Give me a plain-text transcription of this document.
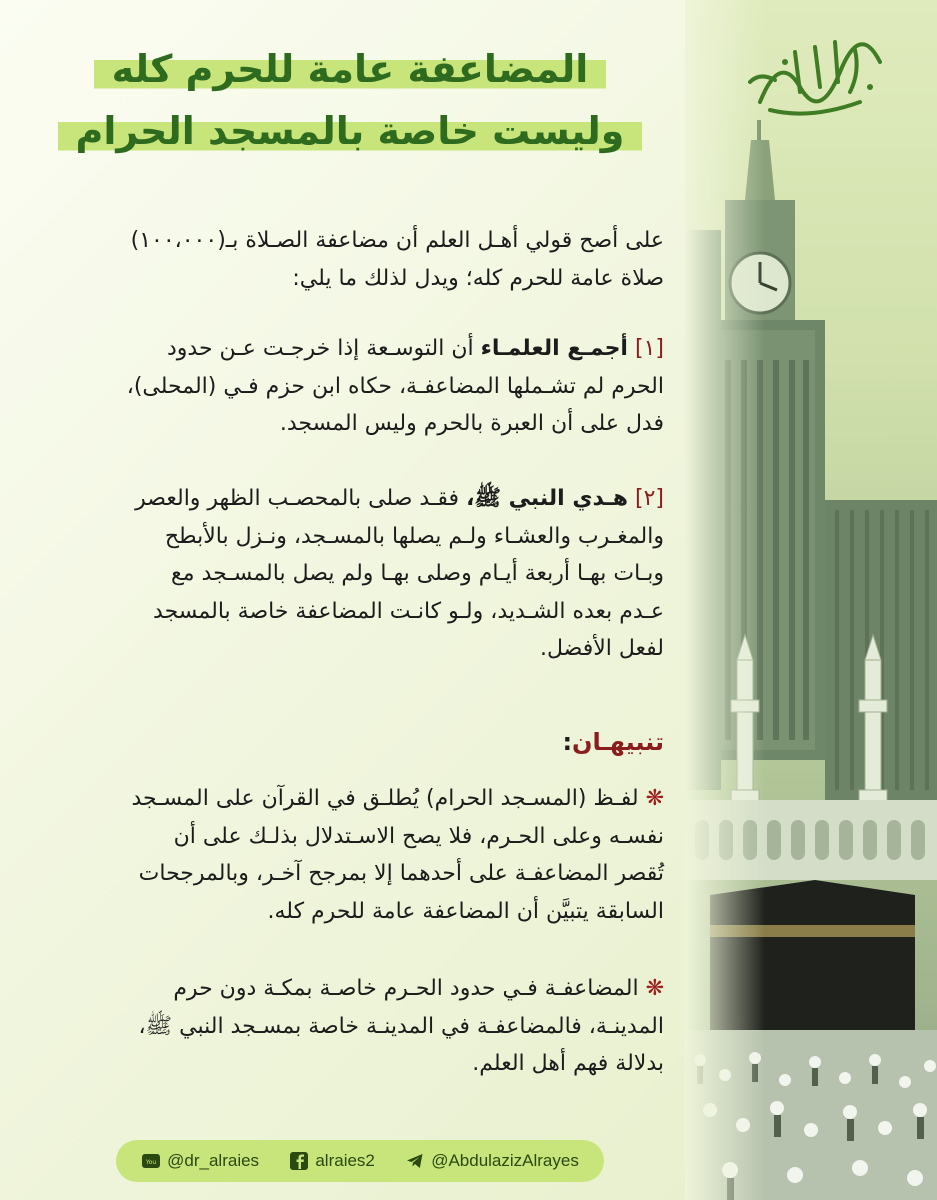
المضاعفة عامة للحرم كله
وليست خاصة بالمسجد الحرام
على أصح قولي أهـل العلم أن مضاعفة الصـلاة بـ(١٠٠،٠٠٠)
صلاة عامة للحرم كله؛ ويدل لذلك ما يلي:
[١] أجمـع العلمـاء أن التوسـعة إذا خرجـت عـن حدود
الحرم لم تشـملها المضاعفـة، حكاه ابن حزم فـي (المحلى)،
فدل على أن العبرة بالحرم وليس المسجد.
[٢] هـدي النبي ﷺ، فقـد صلى بالمحصـب الظهر والعصر
والمغـرب والعشـاء ولـم يصلها بالمسـجد، ونـزل بالأبطح
وبـات بهـا أربعة أيـام وصلى بهـا ولم يصل بالمسـجد مع
عـدم بعده الشـديد، ولـو كانـت المضاعفة خاصة بالمسجد
لفعل الأفضل.
تنبيهـان:
❋ لفـظ (المسـجد الحرام) يُطلـق في القرآن على المسـجد
نفسـه وعلى الحـرم، فلا يصح الاسـتدلال بذلـك على أن
تُقصر المضاعفـة على أحدهما إلا بمرجح آخـر، وبالمرجحات
السابقة يتبيَّن أن المضاعفة عامة للحرم كله.
❋ المضاعفـة فـي حدود الحـرم خاصـة بمكـة دون حرم
المدينـة، فالمضاعفـة في المدينـة خاصة بمسـجد النبي ﷺ،
بدلالة فهم أهل العلم.
You @dr_alraies	alraies2	@AbdulazizAlrayes
